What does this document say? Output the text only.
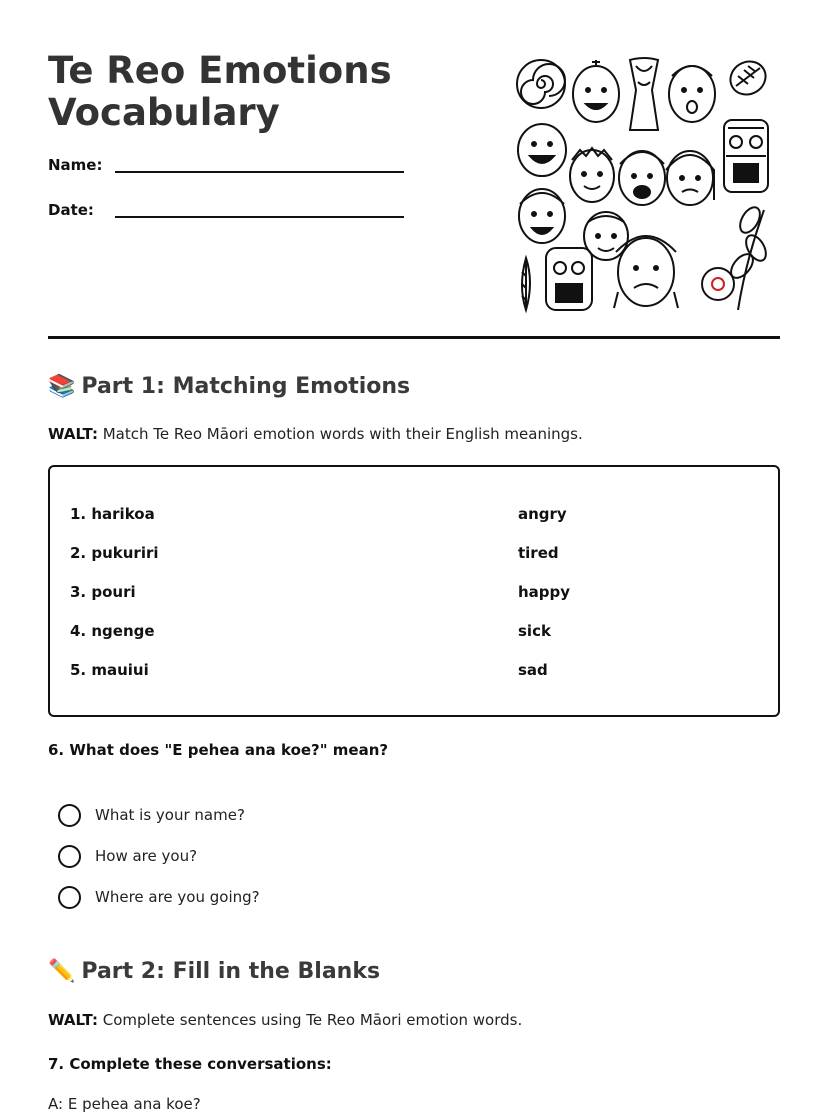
Te Reo Emotions
Vocabulary
Name:
Date:
📚 Part 1: Matching Emotions
WALT: Match Te Reo Māori emotion words with their English meanings.
1. harikoa
2. pukuriri
3. pouri
4. ngenge
5. mauiui
angry
tired
happy
sick
sad
6. What does "E pehea ana koe?" mean?
What is your name?
How are you?
Where are you going?
✏️ Part 2: Fill in the Blanks
WALT: Complete sentences using Te Reo Māori emotion words.
7. Complete these conversations:
A: E pehea ana koe?
